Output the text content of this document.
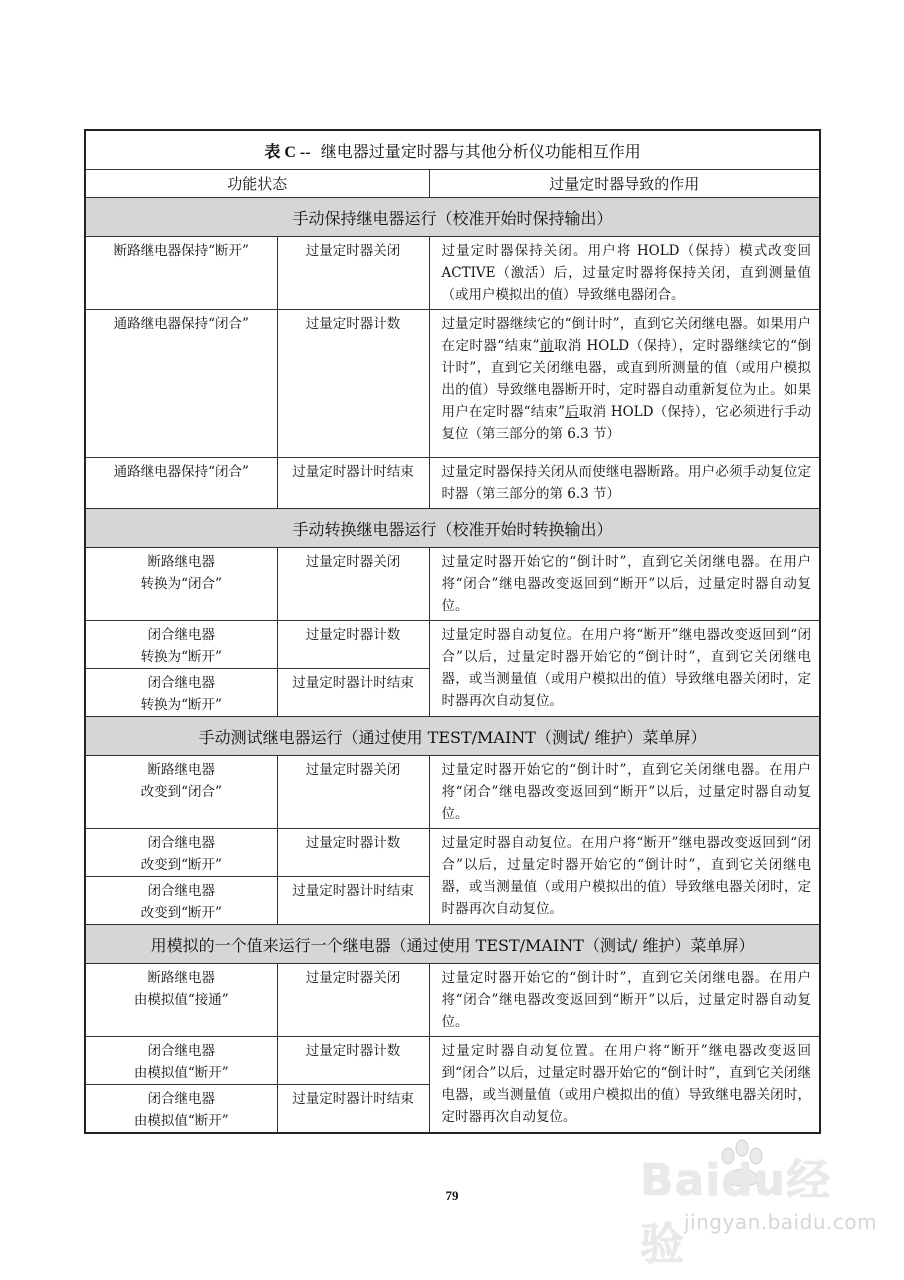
表 C -- 继电器过量定时器与其他分析仪功能相互作用		
功能状态		过量定时器导致的作用
手动保持继电器运行（校准开始时保持输出）		
断路继电器保持“断开”	过量定时器关闭	过量定时器保持关闭。用户将 HOLD（保持）模式改变回 ACTIVE（激活）后，过量定时器将保持关闭，直到测量值（或用户模拟出的值）导致继电器闭合。
通路继电器保持“闭合”	过量定时器计数	过量定时器继续它的“倒计时”，直到它关闭继电器。如果用户在定时器“结束”前取消 HOLD（保持），定时器继续它的“倒计时”，直到它关闭继电器，或直到所测量的值（或用户模拟出的值）导致继电器断开时，定时器自动重新复位为止。如果用户在定时器“结束”后取消 HOLD（保持），它必须进行手动复位（第三部分的第 6.3 节）
通路继电器保持“闭合”	过量定时器计时结束	过量定时器保持关闭从而使继电器断路。用户必须手动复位定时器（第三部分的第 6.3 节）
手动转换继电器运行（校准开始时转换输出）		

断路继电器
转换为“闭合”	过量定时器关闭	过量定时器开始它的“倒计时”，直到它关闭继电器。在用户将“闭合”继电器改变返回到“断开”以后，过量定时器自动复位。

闭合继电器
转换为“断开”	过量定时器计数	过量定时器自动复位。在用户将“断开”继电器改变返回到“闭合”以后，过量定时器开始它的“倒计时”，直到它关闭继电器，或当测量值（或用户模拟出的值）导致继电器关闭时，定时器再次自动复位。

闭合继电器
转换为“断开”	过量定时器计时结束	
手动测试继电器运行（通过使用 TEST/MAINT（测试/ 维护）菜单屏）		

断路继电器
改变到“闭合”	过量定时器关闭	过量定时器开始它的“倒计时”，直到它关闭继电器。在用户将“闭合”继电器改变返回到“断开”以后，过量定时器自动复位。

闭合继电器
改变到“断开”	过量定时器计数	过量定时器自动复位。在用户将“断开”继电器改变返回到“闭合”以后，过量定时器开始它的“倒计时”，直到它关闭继电器，或当测量值（或用户模拟出的值）导致继电器关闭时，定时器再次自动复位。

闭合继电器
改变到“断开”	过量定时器计时结束	
用模拟的一个值来运行一个继电器（通过使用 TEST/MAINT（测试/ 维护）菜单屏）		

断路继电器
由模拟值“接通”	过量定时器关闭	过量定时器开始它的“倒计时”，直到它关闭继电器。在用户将“闭合”继电器改变返回到“断开”以后，过量定时器自动复位。

闭合继电器
由模拟值“断开”	过量定时器计数	过量定时器自动复位置。在用户将“断开”继电器改变返回到“闭合”以后，过量定时器开始它的“倒计时”，直到它关闭继电器，或当测量值（或用户模拟出的值）导致继电器关闭时，定时器再次自动复位。

闭合继电器
由模拟值“断开”	过量定时器计时结束	
79	Baidu经验 jingyan.baidu.com
